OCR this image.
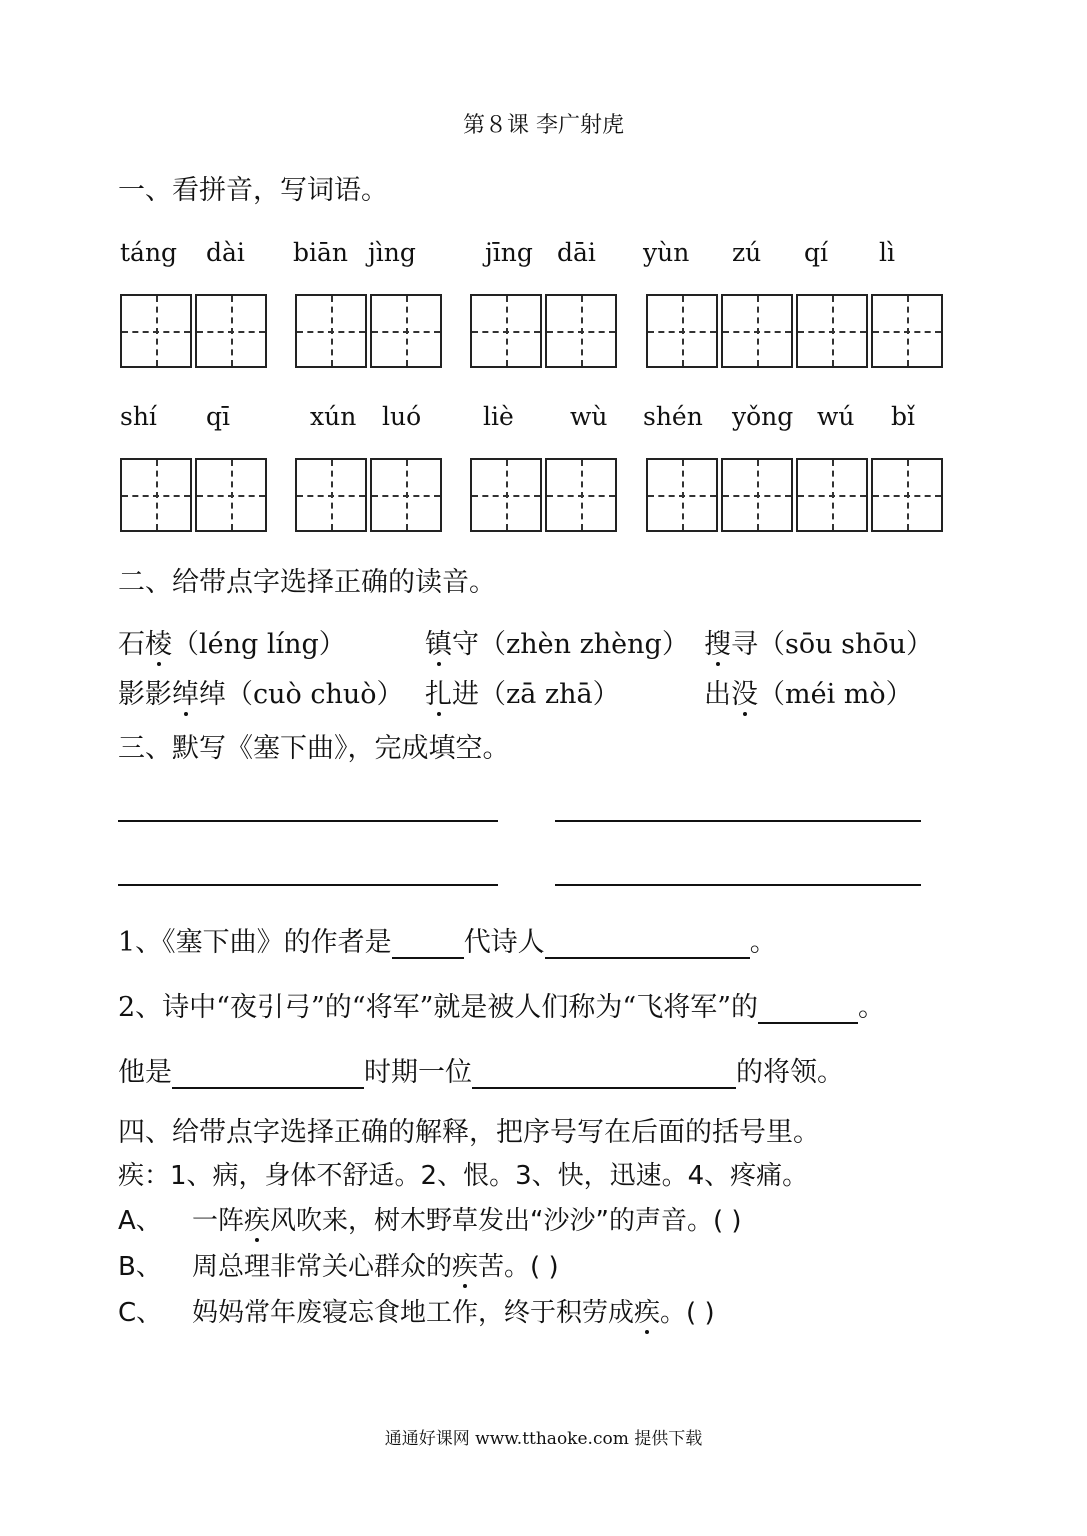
第８课 李广射虎
一、看拼音，写词语。
táng dài biān jìng	jīng dāi yùn zú qí lì
shí qī	xún luó liè wù shén yǒng wú bǐ
二、给带点字选择正确的读音。
石棱（léng líng）	镇守（zhèn zhèng） 搜寻（sōu shōu）
影影绰绰（cuò chuò） 扎进（zā zhā）	出没（méi mò）
三、默写《塞下曲》，完成填空。
1、《塞下曲》的作者是	代诗人	。
2、诗中“夜引弓”的“将军”就是被人们称为“飞将军”的	。
他是	时期一位	的将领。
四、给带点字选择正确的解释，把序号写在后面的括号里。
疾：1、病，身体不舒适。2、恨。3、快，迅速。4、疼痛。
A、 一阵疾风吹来，树木野草发出“沙沙”的声音。( )
B、 周总理非常关心群众的疾苦。( )
C、 妈妈常年废寝忘食地工作，终于积劳成疾。( )
通通好课网 www.tthaoke.com 提供下载
